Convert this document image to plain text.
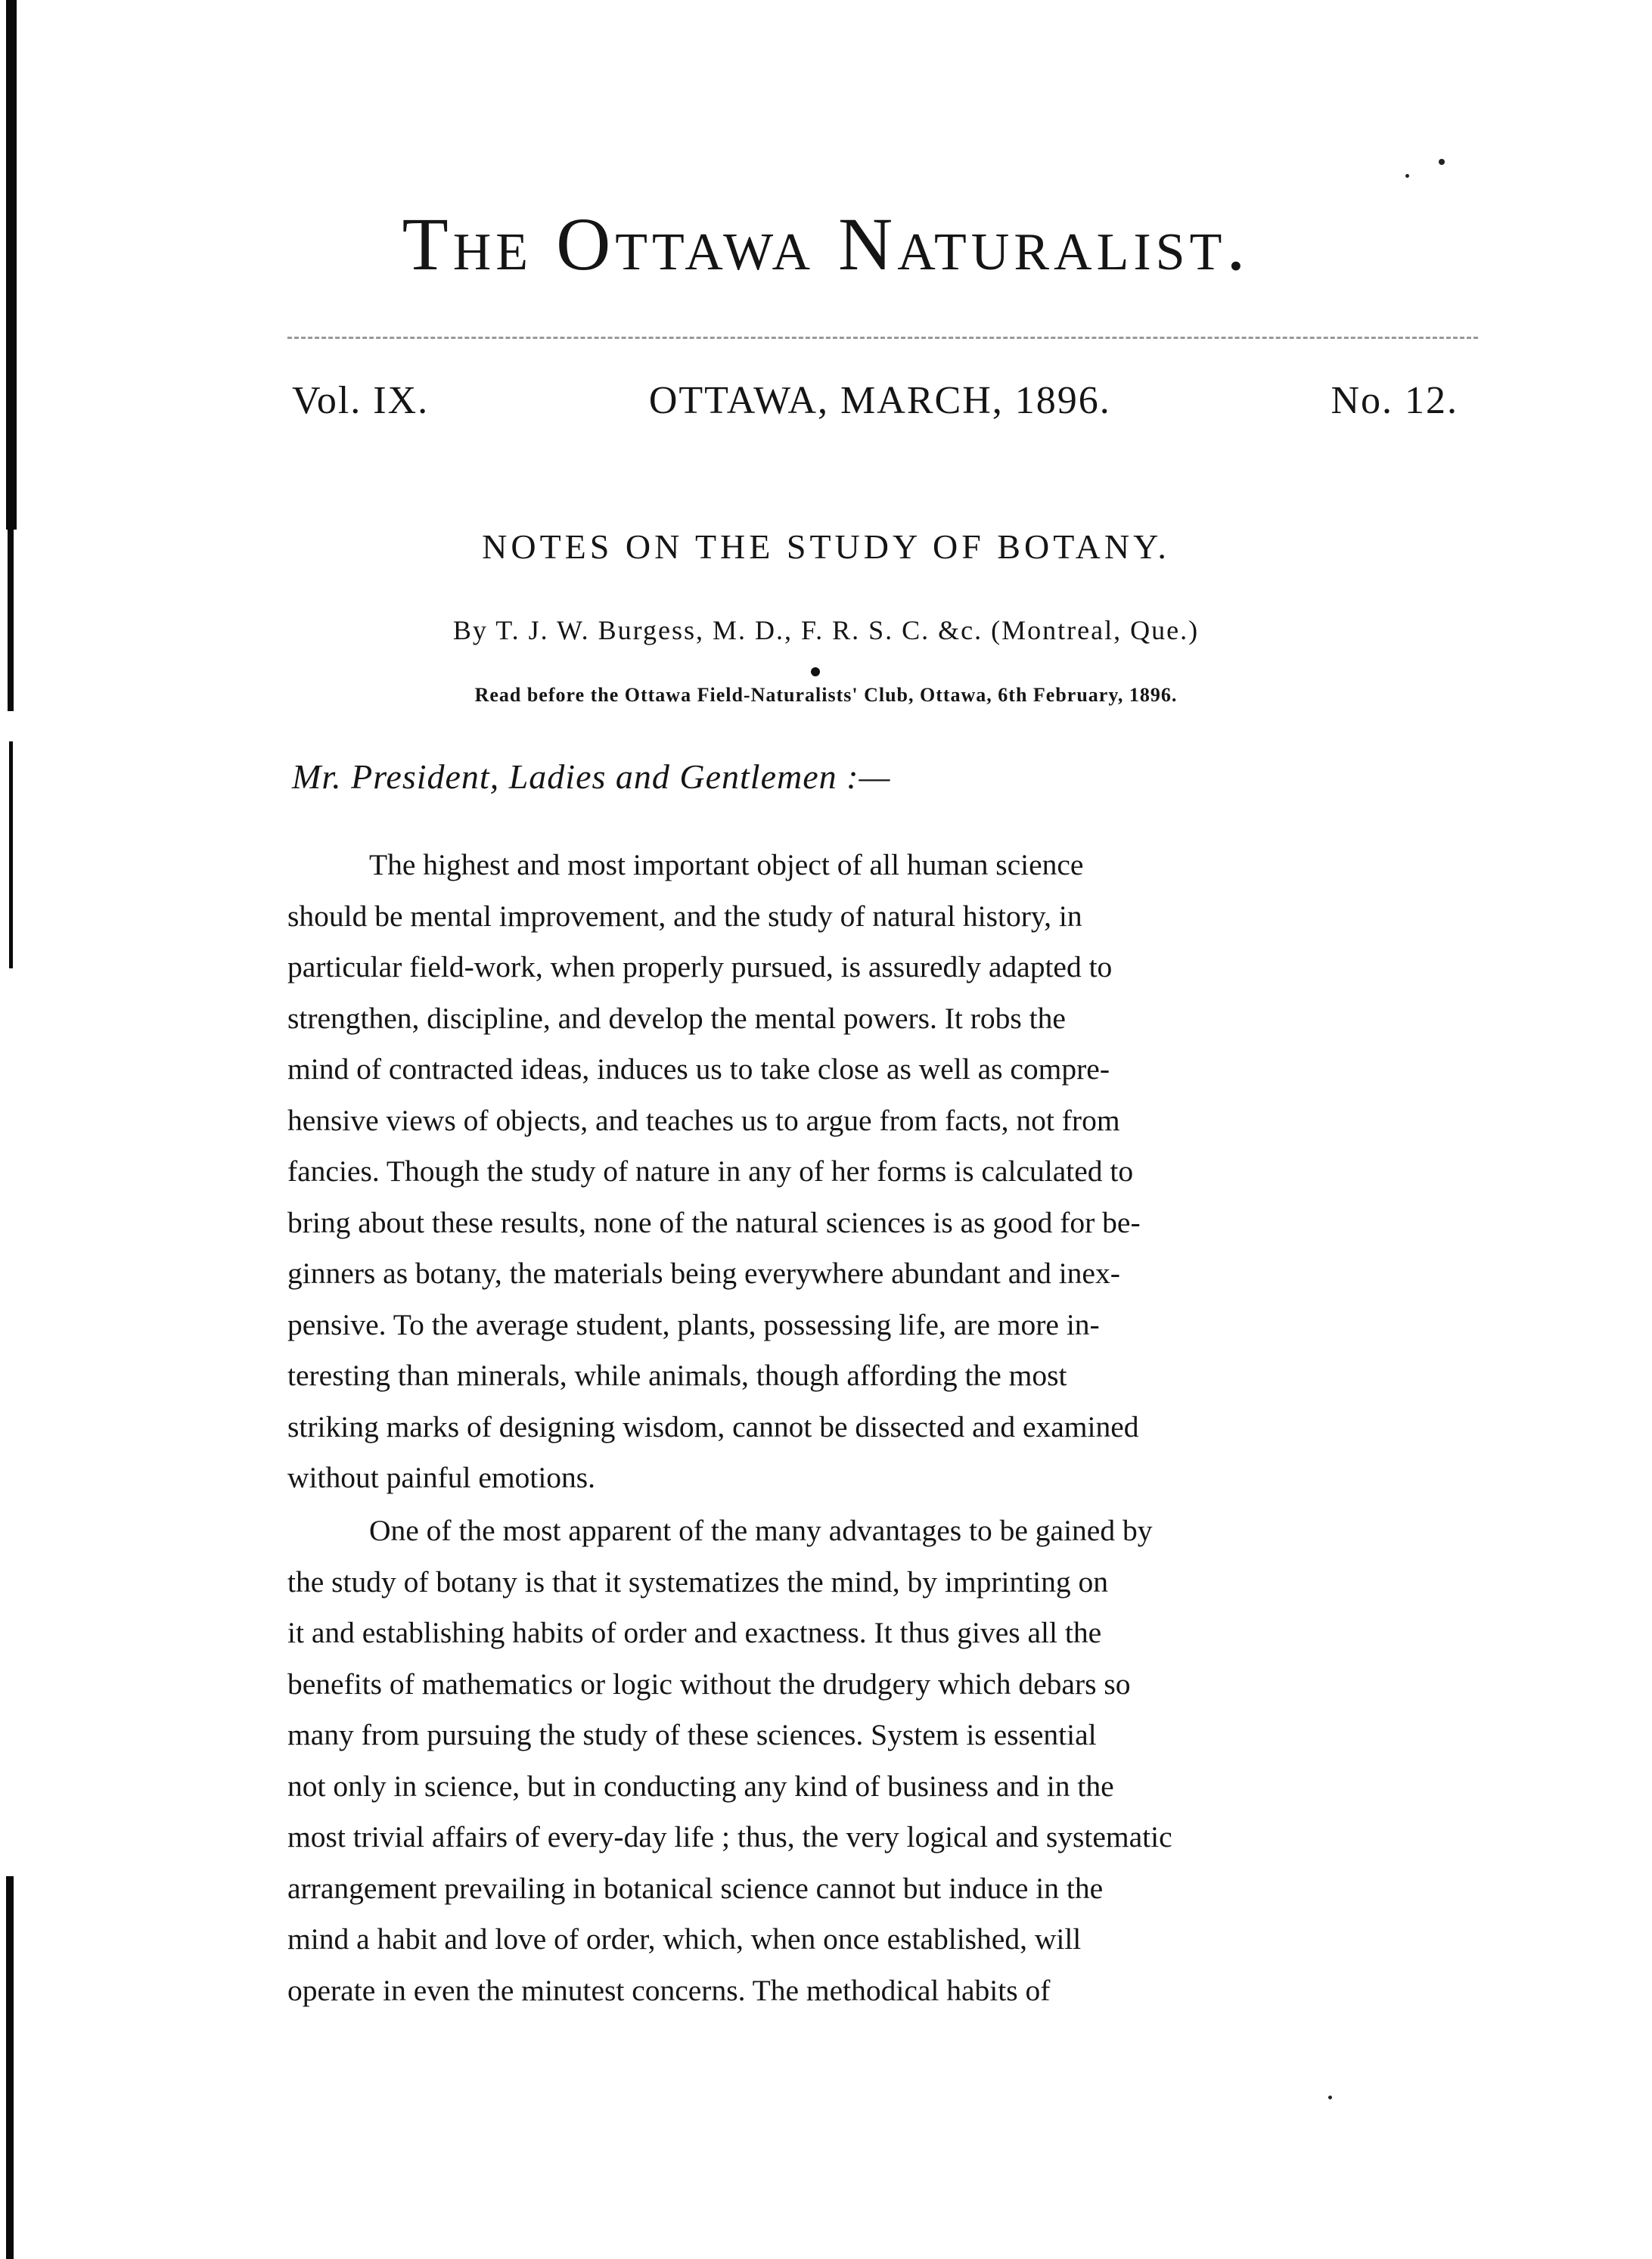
The Ottawa Naturalist.
Vol. IX.	OTTAWA, MARCH, 1896.	No. 12.
NOTES ON THE STUDY OF BOTANY.
By T. J. W. Burgess, M. D., F. R. S. C. &c. (Montreal, Que.)
Read before the Ottawa Field-Naturalists' Club, Ottawa, 6th February, 1896.
Mr. President, Ladies and Gentlemen :—

The highest and most important object of all human science
should be mental improvement, and the study of natural history, in
particular field-work, when properly pursued, is assuredly adapted to
strengthen, discipline, and develop the mental powers. It robs the
mind of contracted ideas, induces us to take close as well as compre-
hensive views of objects, and teaches us to argue from facts, not from
fancies. Though the study of nature in any of her forms is calculated to
bring about these results, none of the natural sciences is as good for be-
ginners as botany, the materials being everywhere abundant and inex-
pensive. To the average student, plants, possessing life, are more in-
teresting than minerals, while animals, though affording the most
striking marks of designing wisdom, cannot be dissected and examined
without painful emotions.

One of the most apparent of the many advantages to be gained by
the study of botany is that it systematizes the mind, by imprinting on
it and establishing habits of order and exactness. It thus gives all the
benefits of mathematics or logic without the drudgery which debars so
many from pursuing the study of these sciences. System is essential
not only in science, but in conducting any kind of business and in the
most trivial affairs of every-day life ; thus, the very logical and systematic
arrangement prevailing in botanical science cannot but induce in the
mind a habit and love of order, which, when once established, will
operate in even the minutest concerns. The methodical habits of
